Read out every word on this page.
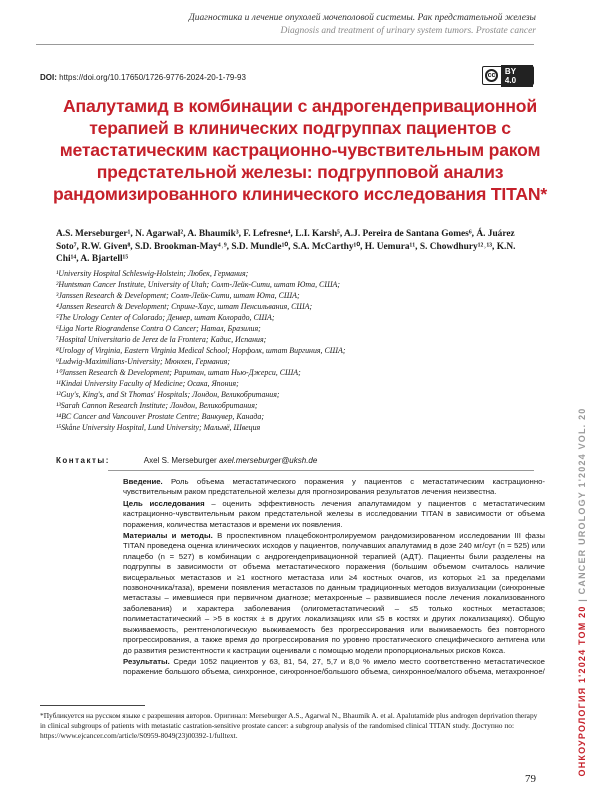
Диагностика и лечение опухолей мочеполовой системы. Рак предстательной железы
Diagnosis and treatment of urinary system tumors. Prostate cancer
DOI: https://doi.org/10.17650/1726-9776-2024-20-1-79-93	cc	BY 4.0
Апалутамид в комбинации с андрогендепривационной терапией в клинических подгруппах пациентов с метастатическим кастрационно-чувствительным раком предстательной железы: подгрупповой анализ рандомизированного клинического исследования TITAN*
A.S. Merseburger¹, N. Agarwal², A. Bhaumik³, F. Lefresne⁴, L.I. Karsh⁵, A.J. Pereira de Santana Gomes⁶, Á. Juárez Soto⁷, R.W. Given⁸, S.D. Brookman-May⁴˒⁹, S.D. Mundle¹⁰, S.A. McCarthy¹⁰, H. Uemura¹¹, S. Chowdhury¹²˒¹³, K.N. Chi¹⁴, A. Bjartell¹⁵
¹University Hospital Schleswig-Holstein; Любек, Германия;
²Huntsman Cancer Institute, University of Utah; Солт-Лейк-Сити, штат Юта, США;
³Janssen Research & Development; Солт-Лейк-Сити, штат Юта, США;
⁴Janssen Research & Development; Спринг-Хаус, штат Пенсильвания, США;
⁵The Urology Center of Colorado; Денвер, штат Колорадо, США;
⁶Liga Norte Riograndense Contra O Cancer; Натал, Бразилия;
⁷Hospital Universitario de Jerez de la Frontera; Кадис, Испания;
⁸Urology of Virginia, Eastern Virginia Medical School; Норфолк, штат Виргиния, США;
⁹Ludwig-Maximilians-University; Мюнхен, Германия;
¹⁰Janssen Research & Development; Раритан, штат Нью-Джерси, США;
¹¹Kindai University Faculty of Medicine; Осака, Япония;
¹²Guy's, King's, and St Thomas' Hospitals; Лондон, Великобритания;
¹³Sarah Cannon Research Institute; Лондон, Великобритания;
¹⁴BC Cancer and Vancouver Prostate Centre; Ванкувер, Канада;
¹⁵Skåne University Hospital, Lund University; Мальмё, Швеция
Контакты:	Axel S. Merseburger axel.merseburger@uksh.de

Введение. Роль объема метастатического поражения у пациентов с метастатическим кастрационно-чувствительным раком предстательной железы для прогнозирования результатов лечения неизвестна.

Цель исследования – оценить эффективность лечения апалутамидом у пациентов с метастатическим кастрационно-чувствительным раком предстательной железы в исследовании TITAN в зависимости от объема поражения, количества метастазов и времени их появления.

Материалы и методы. В проспективном плацебоконтролируемом рандомизированном исследовании III фазы TITAN проведена оценка клинических исходов у пациентов, получавших апалутамид в дозе 240 мг/сут (n = 525) или плацебо (n = 527) в комбинации с андрогендепривационной терапией (АДТ). Пациенты были разделены на подгруппы в зависимости от объема метастатического поражения (большим объемом считалось наличие висцеральных метастазов и ≥1 костного метастаза или ≥4 костных очагов, из которых ≥1 за пределами позвоночника/таза), времени появления метастазов по данным традиционных методов визуализации (синхронные метастазы – имевшиеся при первичном диагнозе; метахронные – развившиеся после лечения локализованного заболевания) и характера заболевания (олигометастатический – ≤5 только костных метастазов; полиметастатический – >5 в костях ± в других локализациях или ≤5 в костях и других локализациях). Общую выживаемость, рентгенологическую выживаемость без прогрессирования или выживаемость без повторного прогрессирования, а также время до прогрессирования по уровню простатического специфического антигена или до развития резистентности к кастрации оценивали с помощью модели пропорциональных рисков Кокса.

Результаты. Среди 1052 пациентов у 63, 81, 54, 27, 5,7 и 8,0 % имело место соответственно метастатическое поражение большого объема, синхронное, синхронное/большого объема, синхронное/малого объема, метахронное/	ОНКОУРОЛОГИЯ 1'2024 ТОМ 20 | CANCER UROLOGY 1'2024 VOL. 20
*Публикуется на русском языке с разрешения авторов. Оригинал: Merseburger A.S., Agarwal N., Bhaumik A. et al. Apalutamide plus androgen deprivation therapy in clinical subgroups of patients with metastatic castration-sensitive prostate cancer: a subgroup analysis of the randomised clinical TITAN study. Доступно по: https://www.ejcancer.com/article/S0959-8049(23)00392-1/fulltext.
79
